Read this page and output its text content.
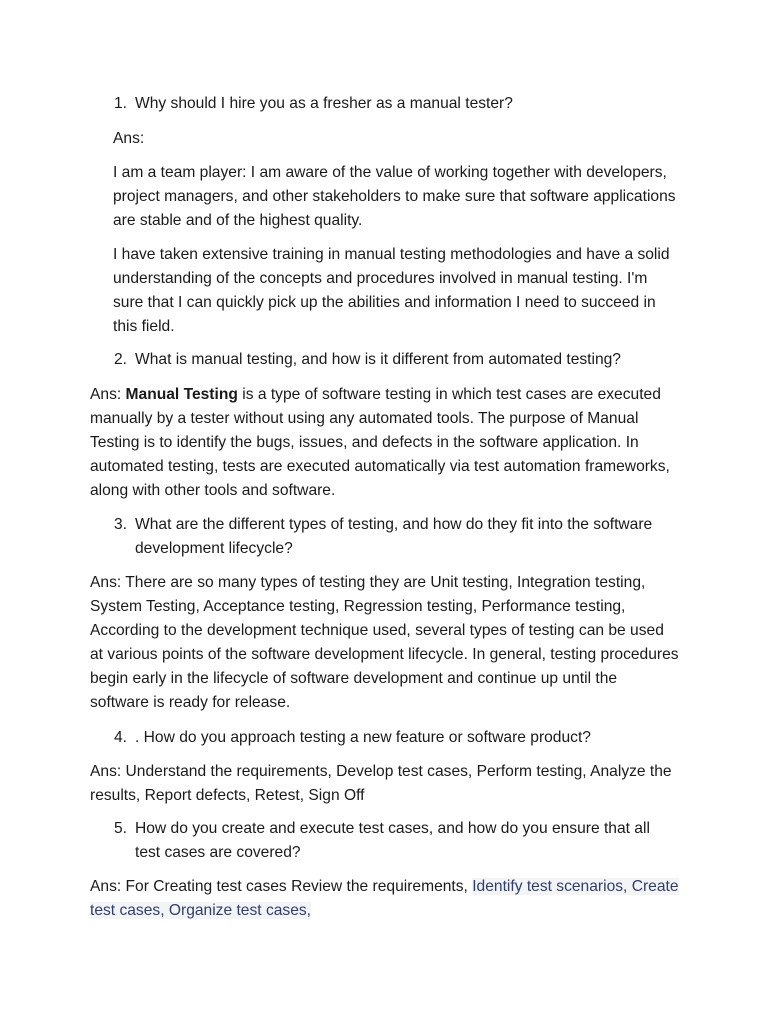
1. Why should I hire you as a fresher as a manual tester?
Ans:
I am a team player: I am aware of the value of working together with developers, project managers, and other stakeholders to make sure that software applications are stable and of the highest quality.
I have taken extensive training in manual testing methodologies and have a solid understanding of the concepts and procedures involved in manual testing. I'm sure that I can quickly pick up the abilities and information I need to succeed in this field.
2. What is manual testing, and how is it different from automated testing?
Ans: Manual Testing is a type of software testing in which test cases are executed manually by a tester without using any automated tools. The purpose of Manual Testing is to identify the bugs, issues, and defects in the software application. In automated testing, tests are executed automatically via test automation frameworks, along with other tools and software.
3. What are the different types of testing, and how do they fit into the software development lifecycle?
Ans: There are so many types of testing they are Unit testing, Integration testing, System Testing, Acceptance testing, Regression testing, Performance testing, According to the development technique used, several types of testing can be used at various points of the software development lifecycle. In general, testing procedures begin early in the lifecycle of software development and continue up until the software is ready for release.
4. . How do you approach testing a new feature or software product?
Ans: Understand the requirements, Develop test cases, Perform testing, Analyze the results, Report defects, Retest, Sign Off
5. How do you create and execute test cases, and how do you ensure that all test cases are covered?
Ans: For Creating test cases Review the requirements, Identify test scenarios, Create test cases, Organize test cases,
